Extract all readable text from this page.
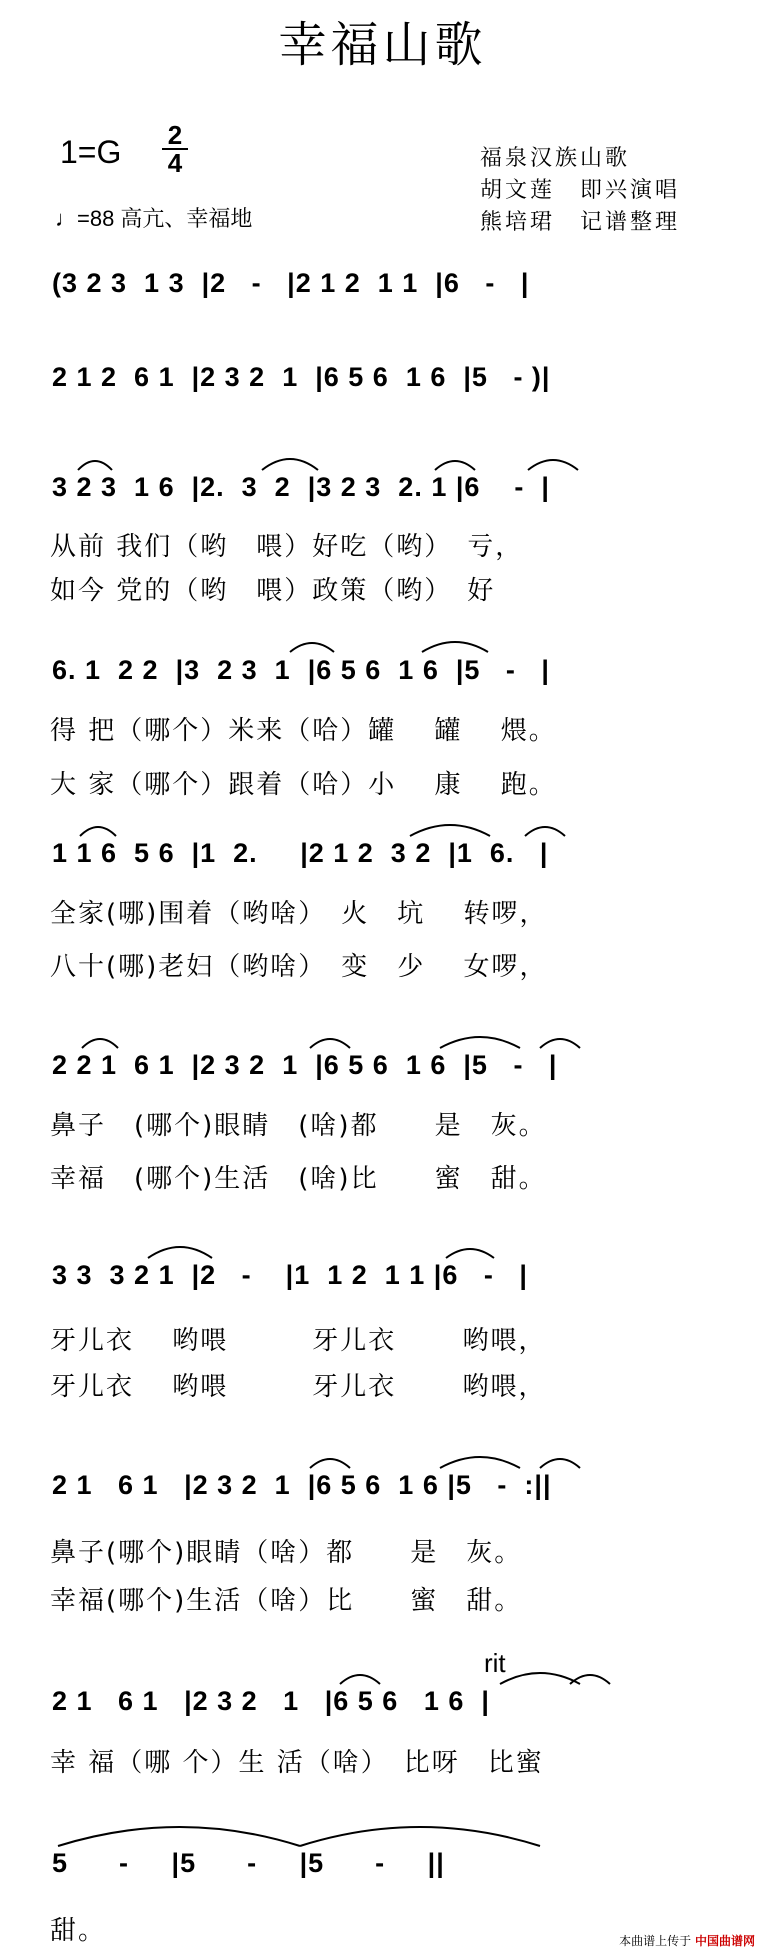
幸福山歌
1=G 2
4
♩=88 高亢、幸福地
福泉汉族山歌
胡文莲　即兴演唱
熊培珺　记谱整理
(3 2 3  1 3  |2   -   |2 1 2  1 1  |6   -   |
2 1 2  6 1  |2 3 2  1  |6 5 6  1 6  |5   - )|
3 2 3  1 6  |2.  3  2  |3 2 3  2. 1 |6    -  |
从前 我们（哟　喂）好吃（哟）　亏，
如今 党的（哟　喂）政策（哟）　好
6. 1  2 2  |3  2 3  1  |6 5 6  1 6  |5   -   |
得 把（哪个）米来（哈）罐　 罐　 煨。
大 家（哪个）跟着（哈）小　 康　 跑。
1 1 6  5 6  |1  2.     |2 1 2  3 2  |1  6.   |
全家(哪)围着（哟啥）　火　坑　 转啰，
八十(哪)老妇（哟啥）　变　少　 女啰，
2 2 1  6 1  |2 3 2  1  |6 5 6  1 6  |5   -   |
鼻子　(哪个)眼睛　(啥)都　　是　灰。
幸福　(哪个)生活　(啥)比　　蜜　甜。
3 3  3 2 1  |2   -    |1  1 2  1 1 |6   -   |
牙儿衣　 哟喂　　　牙儿衣　　 哟喂，
牙儿衣　 哟喂　　　牙儿衣　　 哟喂，
2 1   6 1   |2 3 2  1  |6 5 6  1 6 |5   -  :||
鼻子(哪个)眼睛（啥）都　　是　灰。
幸福(哪个)生活（啥）比　　蜜　甜。
rit
2 1   6 1   |2 3 2   1   |6 5 6   1 6  |
幸 福（哪 个）生 活（啥）　比呀　比蜜
5      -     |5      -     |5      -     ||
甜。	本曲谱上传于 中国曲谱网
